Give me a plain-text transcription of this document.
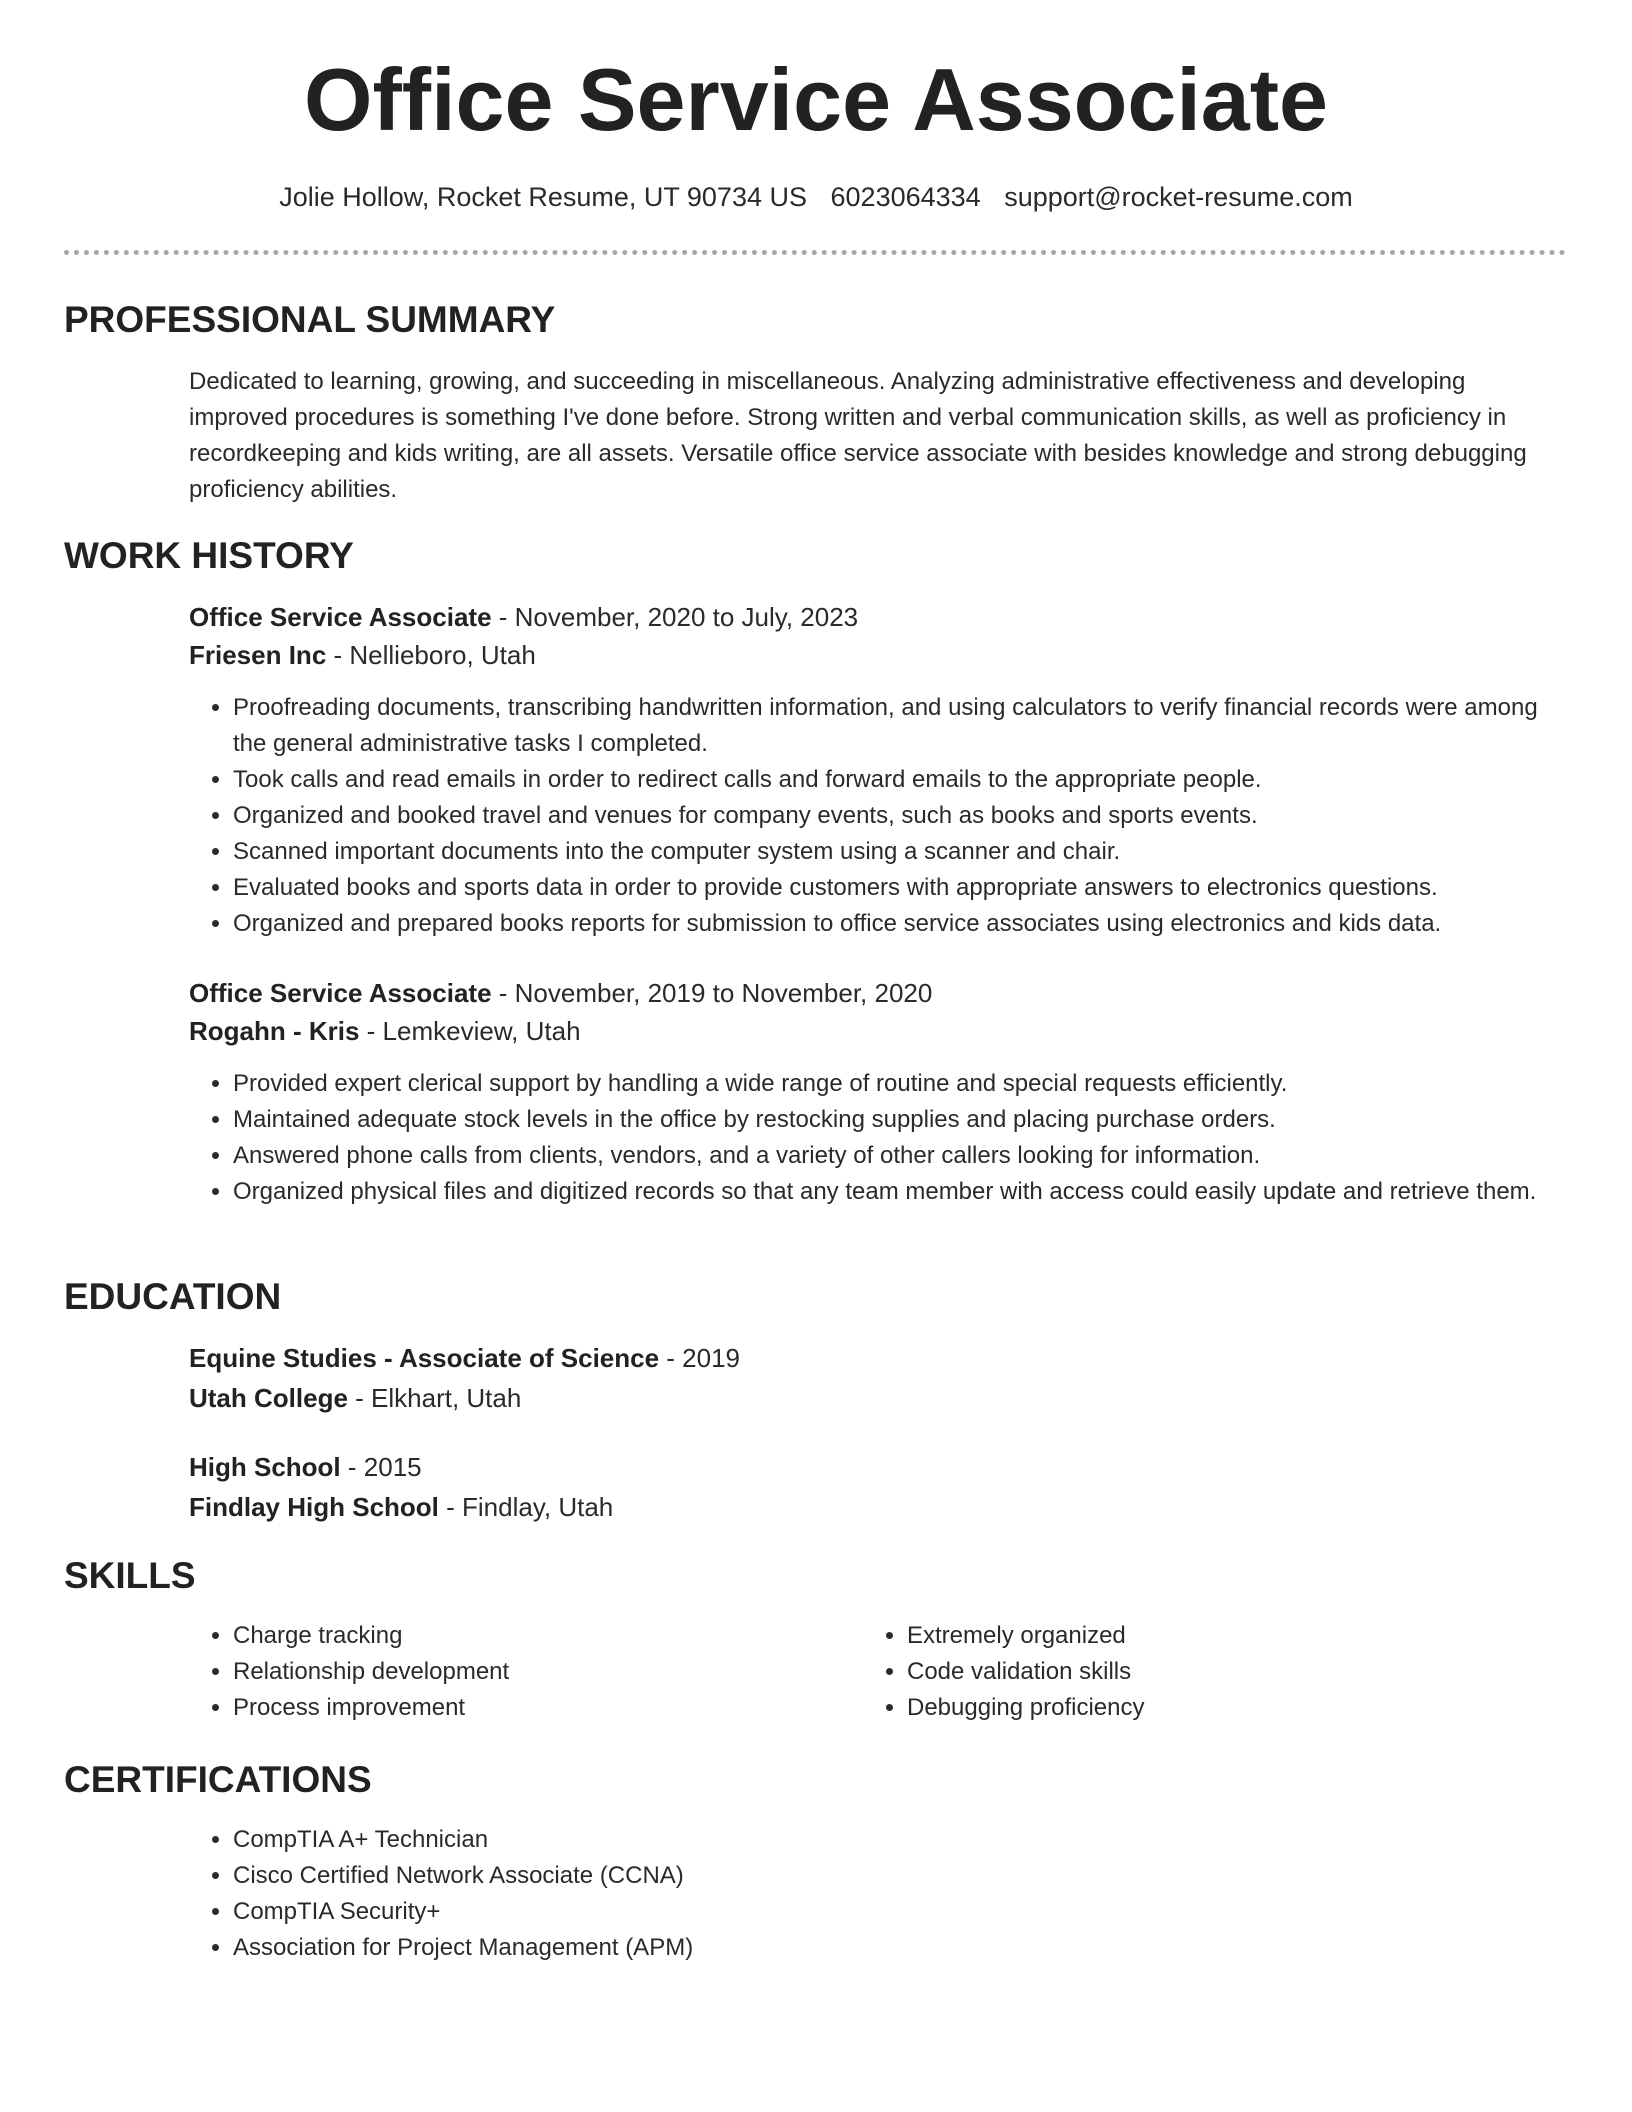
Office Service Associate
Jolie Hollow, Rocket Resume, UT 90734 US 6023064334 support@rocket-resume.com
PROFESSIONAL SUMMARY

Dedicated to learning, growing, and succeeding in miscellaneous. Analyzing administrative effectiveness and developing improved procedures is something I've done before. Strong written and verbal communication skills, as well as proficiency in recordkeeping and kids writing, are all assets. Versatile office service associate with besides knowledge and strong debugging proficiency abilities.

WORK HISTORY
Office Service Associate - November, 2020 to July, 2023
Friesen Inc - Nellieboro, Utah
• Proofreading documents, transcribing handwritten information, and using calculators to verify financial records were among the general administrative tasks I completed.
• Took calls and read emails in order to redirect calls and forward emails to the appropriate people.
• Organized and booked travel and venues for company events, such as books and sports events.
• Scanned important documents into the computer system using a scanner and chair.
• Evaluated books and sports data in order to provide customers with appropriate answers to electronics questions.
• Organized and prepared books reports for submission to office service associates using electronics and kids data.
Office Service Associate - November, 2019 to November, 2020
Rogahn - Kris - Lemkeview, Utah
• Provided expert clerical support by handling a wide range of routine and special requests efficiently.
• Maintained adequate stock levels in the office by restocking supplies and placing purchase orders.
• Answered phone calls from clients, vendors, and a variety of other callers looking for information.
• Organized physical files and digitized records so that any team member with access could easily update and retrieve them.
EDUCATION
Equine Studies - Associate of Science - 2019
Utah College - Elkhart, Utah
High School - 2015
Findlay High School - Findlay, Utah
SKILLS
• Charge tracking
• Relationship development
• Process improvement
• Extremely organized
• Code validation skills
• Debugging proficiency
CERTIFICATIONS
• CompTIA A+ Technician
• Cisco Certified Network Associate (CCNA)
• CompTIA Security+
• Association for Project Management (APM)
